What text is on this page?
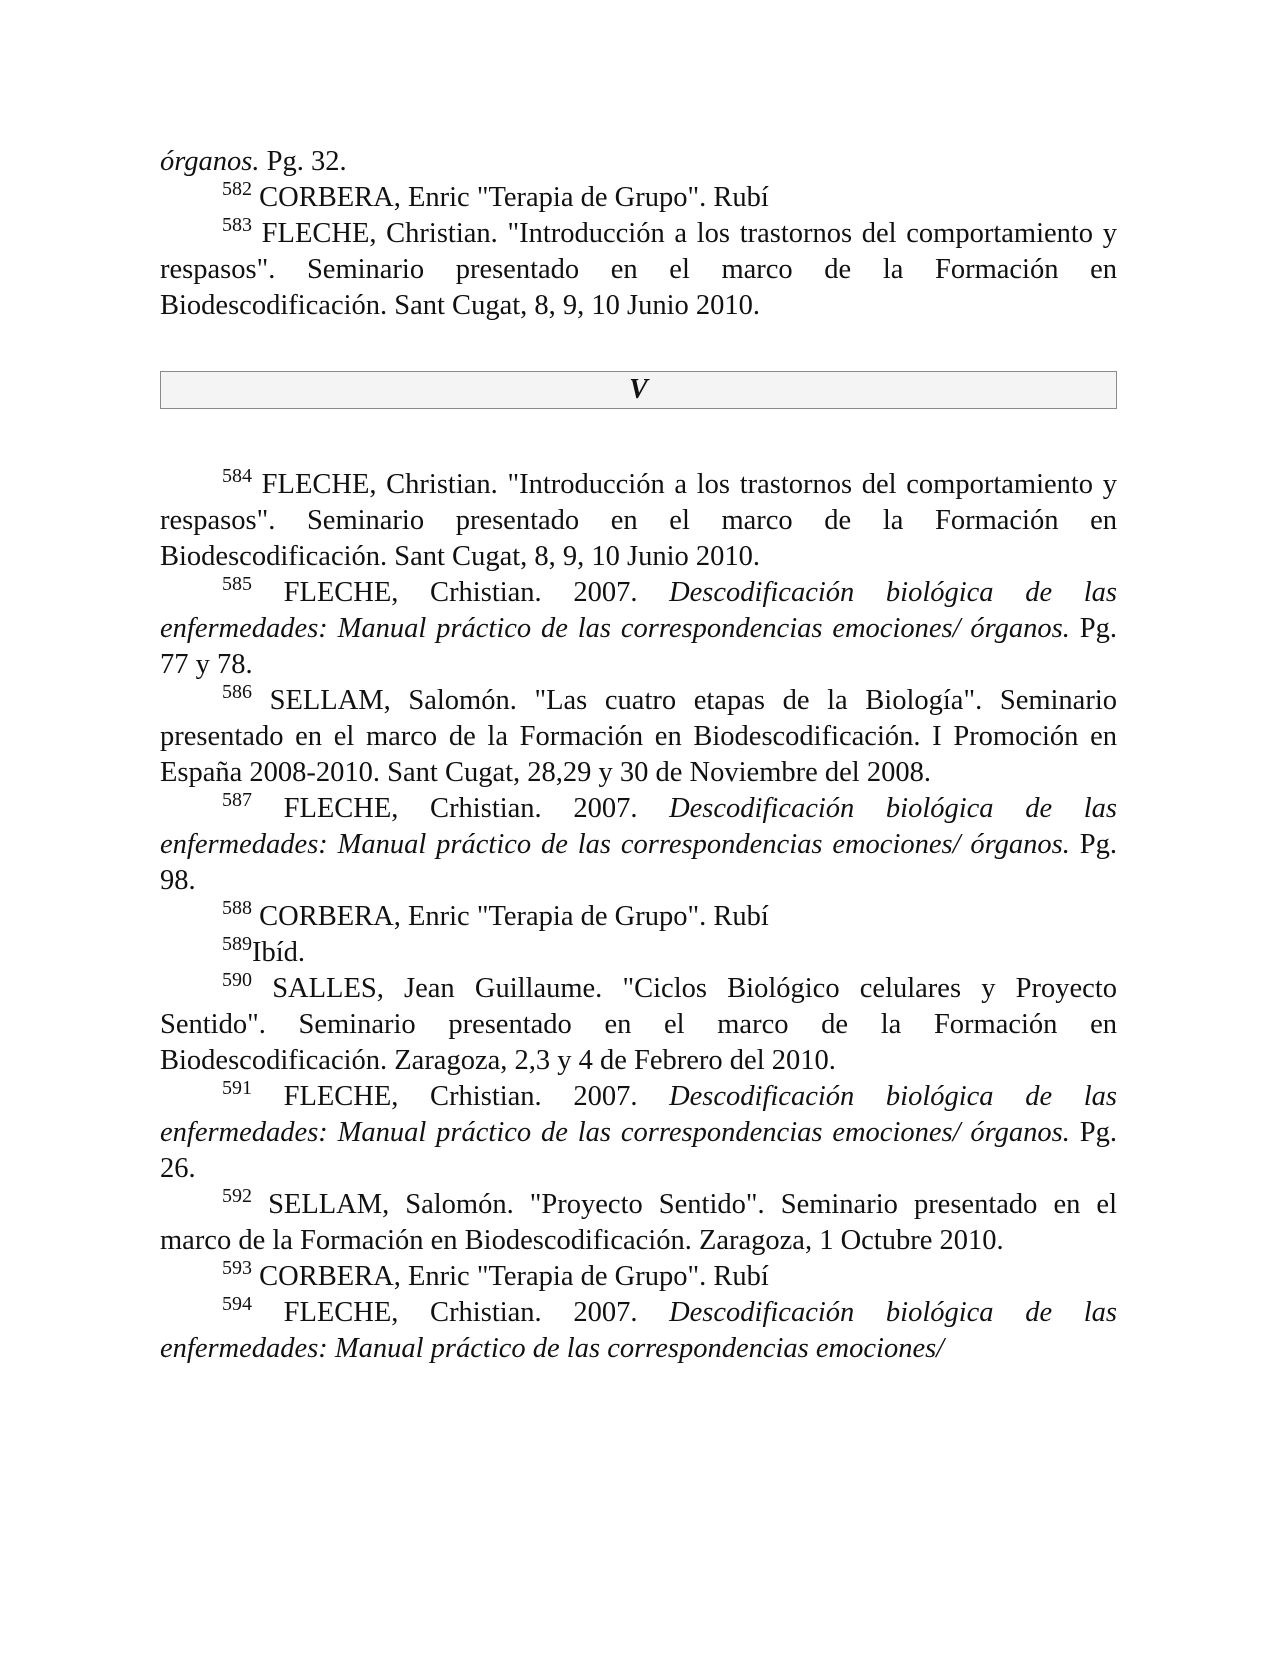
órganos. Pg. 32.

$^{582}$ CORBERA, Enric "Terapia de Grupo". Rubí

$^{583}$ FLECHE, Christian. "Introducción a los trastornos del comportamiento y respasos". Seminario presentado en el marco de la Formación en Biodescodificación. Sant Cugat, 8, 9, 10 Junio 2010.

V

$^{584}$ FLECHE, Christian. "Introducción a los trastornos del comportamiento y respasos". Seminario presentado en el marco de la Formación en Biodescodificación. Sant Cugat, 8, 9, 10 Junio 2010.

$^{585}$ FLECHE, Crhistian. 2007. Descodificación biológica de las enfermedades: Manual práctico de las correspondencias emociones/ órganos. Pg. 77 y 78.

$^{586}$ SELLAM, Salomón. "Las cuatro etapas de la Biología". Seminario presentado en el marco de la Formación en Biodescodificación. I Promoción en España 2008-2010. Sant Cugat, 28,29 y 30 de Noviembre del 2008.

$^{587}$ FLECHE, Crhistian. 2007. Descodificación biológica de las enfermedades: Manual práctico de las correspondencias emociones/ órganos. Pg. 98.

$^{588}$ CORBERA, Enric "Terapia de Grupo". Rubí

$^{589}$Ibíd.

$^{590}$ SALLES, Jean Guillaume. "Ciclos Biológico celulares y Proyecto Sentido". Seminario presentado en el marco de la Formación en Biodescodificación. Zaragoza, 2,3 y 4 de Febrero del 2010.

$^{591}$ FLECHE, Crhistian. 2007. Descodificación biológica de las enfermedades: Manual práctico de las correspondencias emociones/ órganos. Pg. 26.

$^{592}$ SELLAM, Salomón. "Proyecto Sentido". Seminario presentado en el marco de la Formación en Biodescodificación. Zaragoza, 1 Octubre 2010.

$^{593}$ CORBERA, Enric "Terapia de Grupo". Rubí

$^{594}$ FLECHE, Crhistian. 2007. Descodificación biológica de las enfermedades: Manual práctico de las correspondencias emociones/
